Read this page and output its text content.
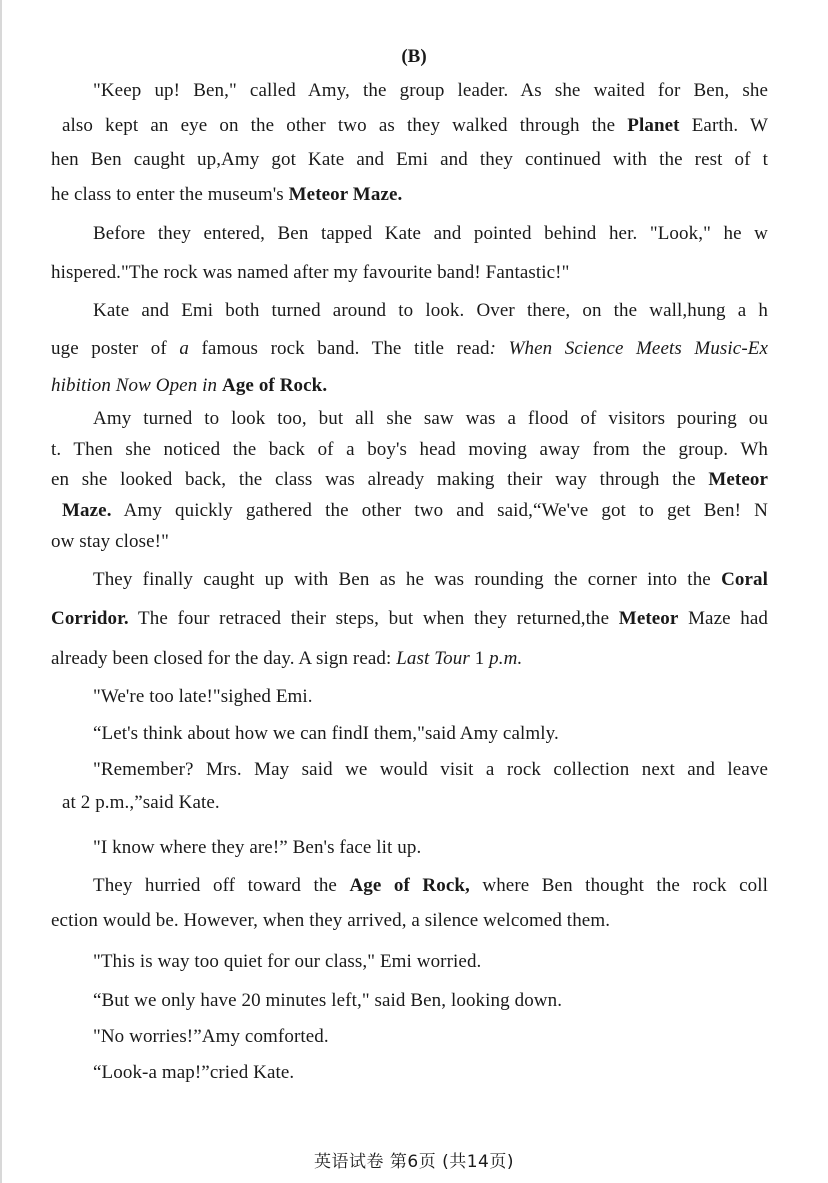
(B)

"Keep up! Ben," called Amy, the group leader. As she waited for Ben, she

also kept an eye on the other two as they walked through the Planet Earth. W

hen Ben caught up,Amy got Kate and Emi and they continued with the rest of t

he class to enter the museum's Meteor Maze.

Before they entered, Ben tapped Kate and pointed behind her. "Look," he w

hispered."The rock was named after my favourite band! Fantastic!"

Kate and Emi both turned around to look. Over there, on the wall,hung a h

uge poster of a famous rock band. The title read: When Science Meets Music-Ex

hibition Now Open in Age of Rock.

Amy turned to look too, but all she saw was a flood of visitors pouring ou

t. Then she noticed the back of a boy's head moving away from the group. Wh

en she looked back, the class was already making their way through the Meteor

Maze. Amy quickly gathered the other two and said,“We've got to get Ben! N

ow stay close!"

They finally caught up with Ben as he was rounding the corner into the Coral

Corridor. The four retraced their steps, but when they returned,the Meteor Maze had

already been closed for the day. A sign read: Last Tour 1 p.m.

"We're too late!"sighed Emi.

“Let's think about how we can findI them,"said Amy calmly.

"Remember? Mrs. May said we would visit a rock collection next and leave

at 2 p.m.,”said Kate.

"I know where they are!” Ben's face lit up.

They hurried off toward the Age of Rock, where Ben thought the rock coll

ection would be. However, when they arrived, a silence welcomed them.

"This is way too quiet for our class," Emi worried.

“But we only have 20 minutes left," said Ben, looking down.

"No worries!”Amy comforted.

“Look-a map!”cried Kate.

英语试卷 第6页 (共14页)
